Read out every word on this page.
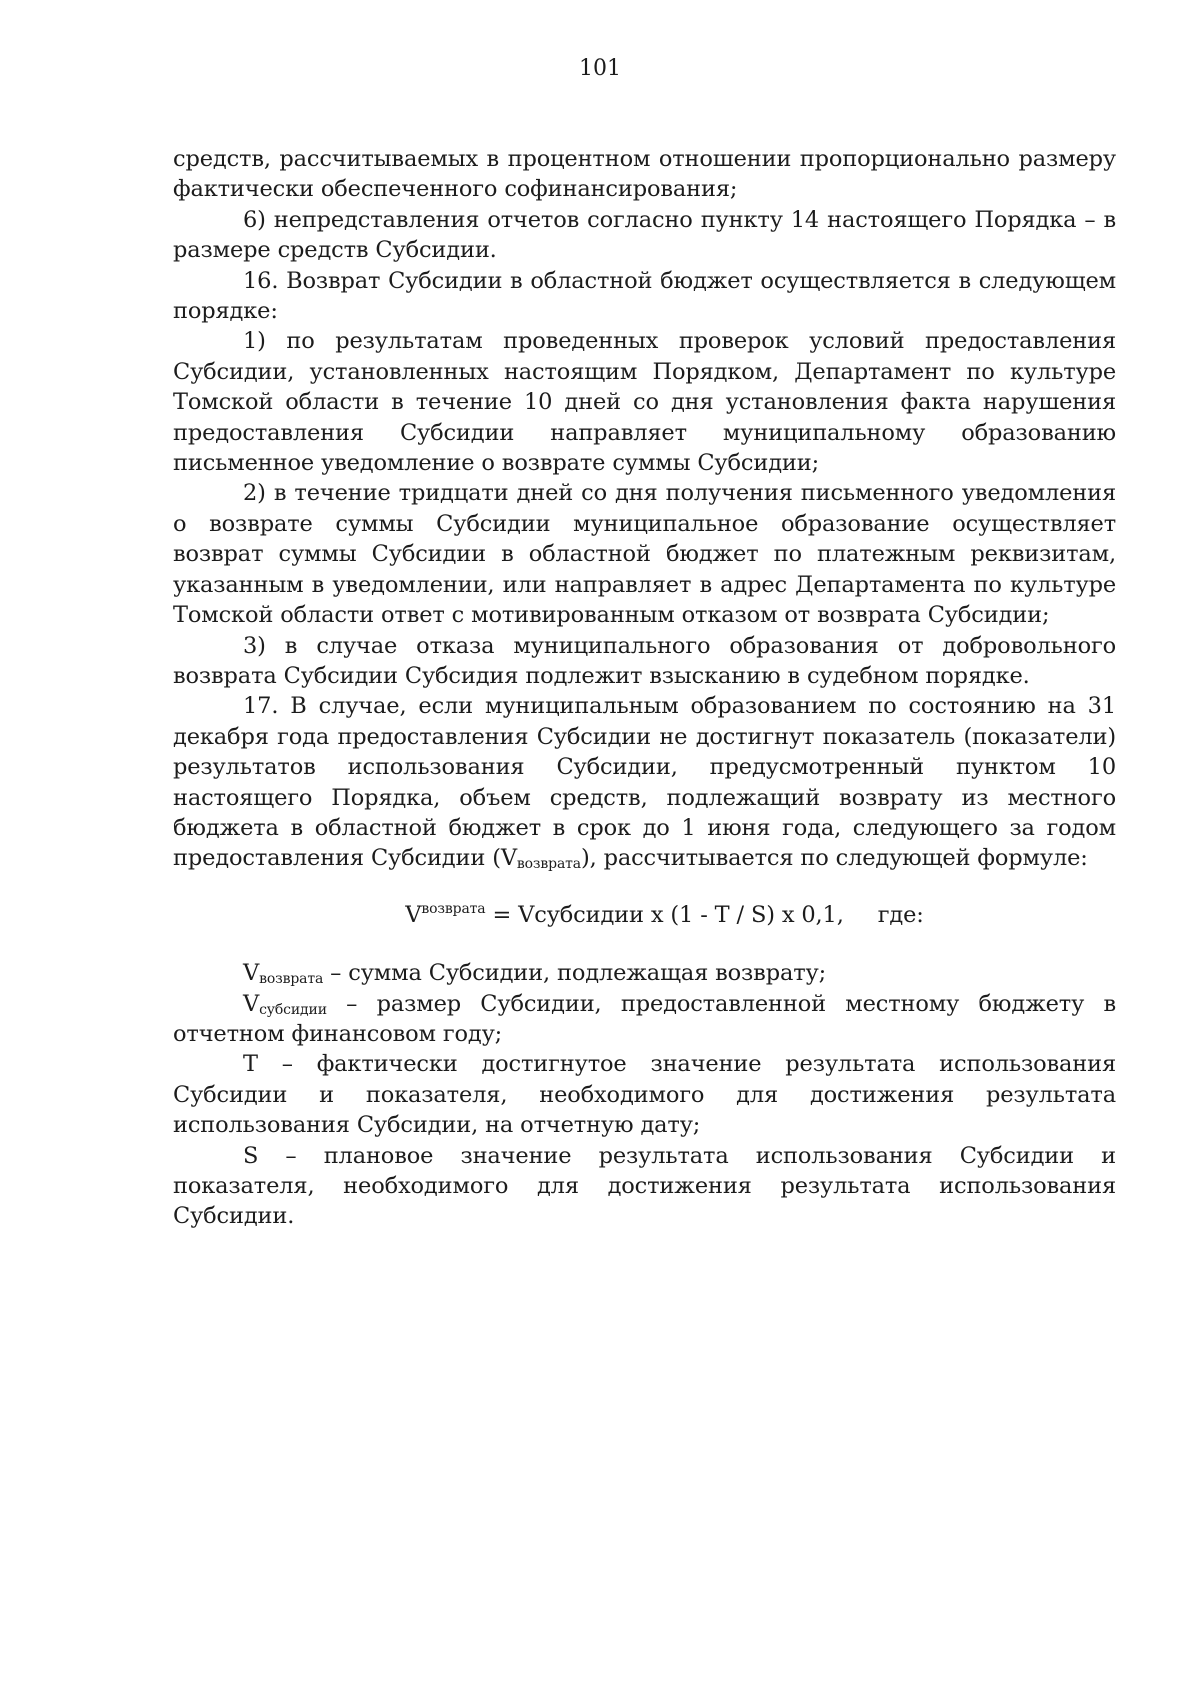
101

средств, рассчитываемых в процентном отношении пропорционально размеру фактически обеспеченного софинансирования;

6) непредставления отчетов согласно пункту 14 настоящего Порядка – в размере средств Субсидии.

16. Возврат Субсидии в областной бюджет осуществляется в следующем порядке:

1) по результатам проведенных проверок условий предоставления Субсидии, установленных настоящим Порядком, Департамент по культуре Томской области в течение 10 дней со дня установления факта нарушения предоставления Субсидии направляет муниципальному образованию письменное уведомление о возврате суммы Субсидии;

2) в течение тридцати дней со дня получения письменного уведомления о возврате суммы Субсидии муниципальное образование осуществляет возврат суммы Субсидии в областной бюджет по платежным реквизитам, указанным в уведомлении, или направляет в адрес Департамента по культуре Томской области ответ с мотивированным отказом от возврата Субсидии;

3) в случае отказа муниципального образования от добровольного возврата Субсидии Субсидия подлежит взысканию в судебном порядке.

17. В случае, если муниципальным образованием по состоянию на 31 декабря года предоставления Субсидии не достигнут показатель (показатели) результатов использования Субсидии, предусмотренный пунктом 10 настоящего Порядка, объем средств, подлежащий возврату из местного бюджета в областной бюджет в срок до 1 июня года, следующего за годом предоставления Субсидии $(V_{возврата})$, рассчитывается по следующей формуле:

$V^{возврата}$ = Vсубсидии x (1 - T / S) x 0,1, где:

$V_{возврата}$ – сумма Субсидии, подлежащая возврату;

$V_{субсидии}$ – размер Субсидии, предоставленной местному бюджету в отчетном финансовом году;

T – фактически достигнутое значение результата использования Субсидии и показателя, необходимого для достижения результата использования Субсидии, на отчетную дату;

S – плановое значение результата использования Субсидии и показателя, необходимого для достижения результата использования Субсидии.
